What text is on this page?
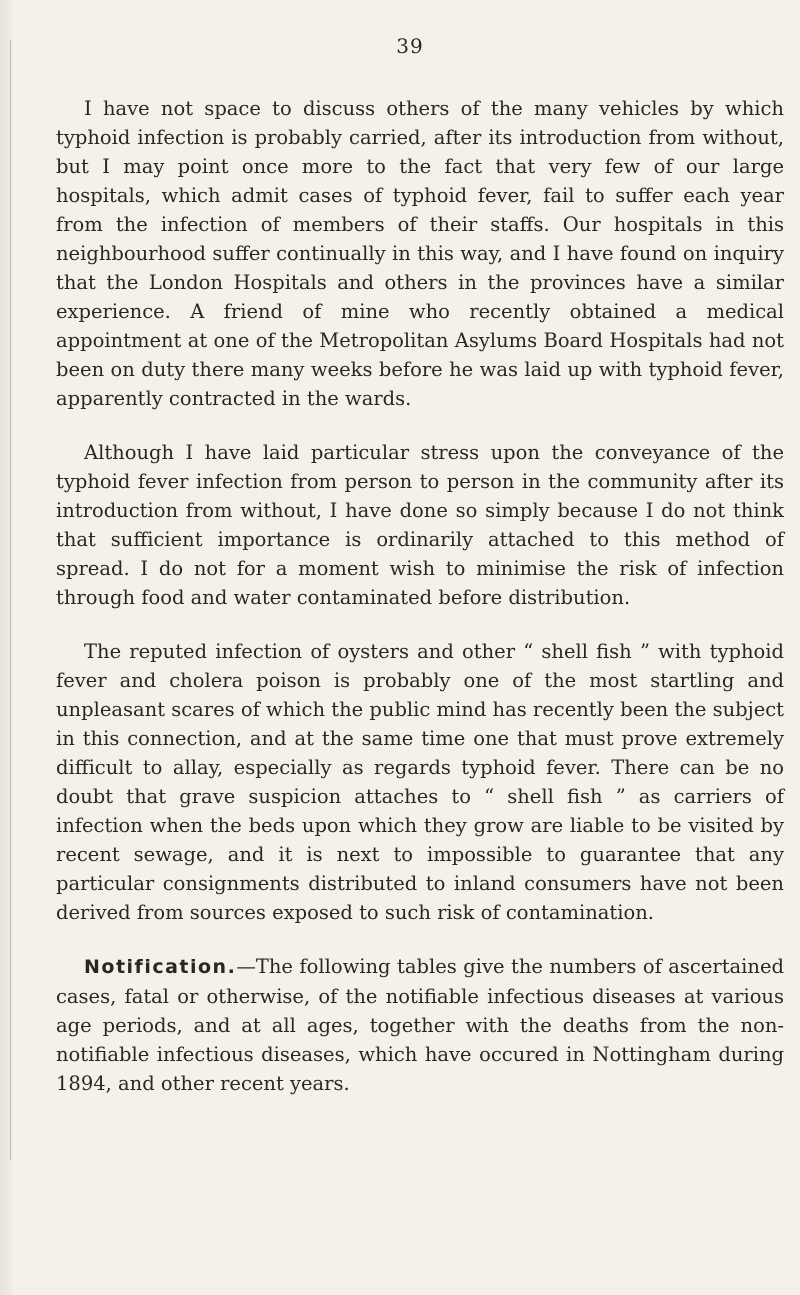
39

I have not space to discuss others of the many vehicles by which typhoid infection is probably carried, after its introduction from without, but I may point once more to the fact that very few of our large hospitals, which admit cases of typhoid fever, fail to suffer each year from the infection of members of their staffs. Our hospitals in this neighbourhood suffer continually in this way, and I have found on inquiry that the London Hospitals and others in the provinces have a similar experience. A friend of mine who recently obtained a medical appointment at one of the Metropolitan Asylums Board Hospitals had not been on duty there many weeks before he was laid up with typhoid fever, apparently contracted in the wards.

Although I have laid particular stress upon the conveyance of the typhoid fever infection from person to person in the community after its introduction from without, I have done so simply because I do not think that sufficient importance is ordinarily attached to this method of spread. I do not for a moment wish to minimise the risk of infection through food and water contaminated before distribution.

The reputed infection of oysters and other “ shell fish ” with typhoid fever and cholera poison is probably one of the most startling and unpleasant scares of which the public mind has recently been the subject in this connection, and at the same time one that must prove extremely difficult to allay, especially as regards typhoid fever. There can be no doubt that grave suspicion attaches to “ shell fish ” as carriers of infection when the beds upon which they grow are liable to be visited by recent sewage, and it is next to impossible to guarantee that any particular consignments distributed to inland consumers have not been derived from sources exposed to such risk of contamination.

Notification.—The following tables give the numbers of ascertained cases, fatal or otherwise, of the notifiable infectious diseases at various age periods, and at all ages, together with the deaths from the non-notifiable infectious diseases, which have occured in Nottingham during 1894, and other recent years.
